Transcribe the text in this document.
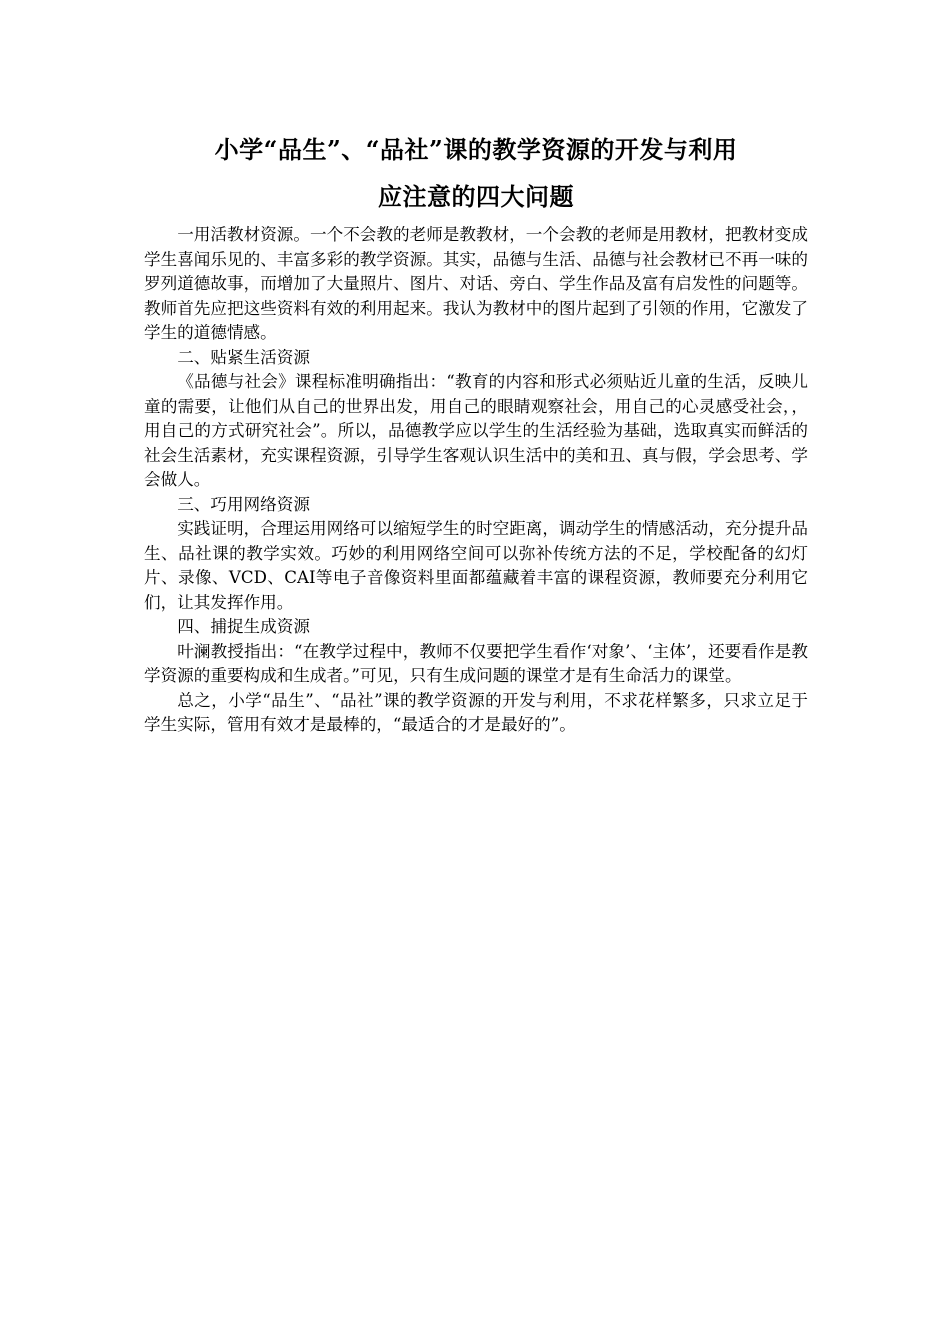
小学“品生”、“品社”课的教学资源的开发与利用
应注意的四大问题

一用活教材资源。一个不会教的老师是教教材，一个会教的老师是用教材，把教材变成学生喜闻乐见的、丰富多彩的教学资源。其实，品德与生活、品德与社会教材已不再一味的罗列道德故事，而增加了大量照片、图片、对话、旁白、学生作品及富有启发性的问题等。教师首先应把这些资料有效的利用起来。我认为教材中的图片起到了引领的作用，它激发了学生的道德情感。

二、贴紧生活资源

《品德与社会》课程标准明确指出：“教育的内容和形式必须贴近儿童的生活，反映儿童的需要，让他们从自己的世界出发，用自己的眼睛观察社会，用自己的心灵感受社会，，用自己的方式研究社会”。所以，品德教学应以学生的生活经验为基础，选取真实而鲜活的社会生活素材，充实课程资源，引导学生客观认识生活中的美和丑、真与假，学会思考、学会做人。

三、巧用网络资源

实践证明，合理运用网络可以缩短学生的时空距离，调动学生的情感活动，充分提升品生、品社课的教学实效。巧妙的利用网络空间可以弥补传统方法的不足，学校配备的幻灯片、录像、VCD、CAI等电子音像资料里面都蕴藏着丰富的课程资源，教师要充分利用它们，让其发挥作用。

四、捕捉生成资源

叶澜教授指出：“在教学过程中，教师不仅要把学生看作‘对象’、‘主体’，还要看作是教学资源的重要构成和生成者。”可见，只有生成问题的课堂才是有生命活力的课堂。

总之，小学“品生”、“品社”课的教学资源的开发与利用，不求花样繁多，只求立足于学生实际，管用有效才是最棒的，“最适合的才是最好的”。
